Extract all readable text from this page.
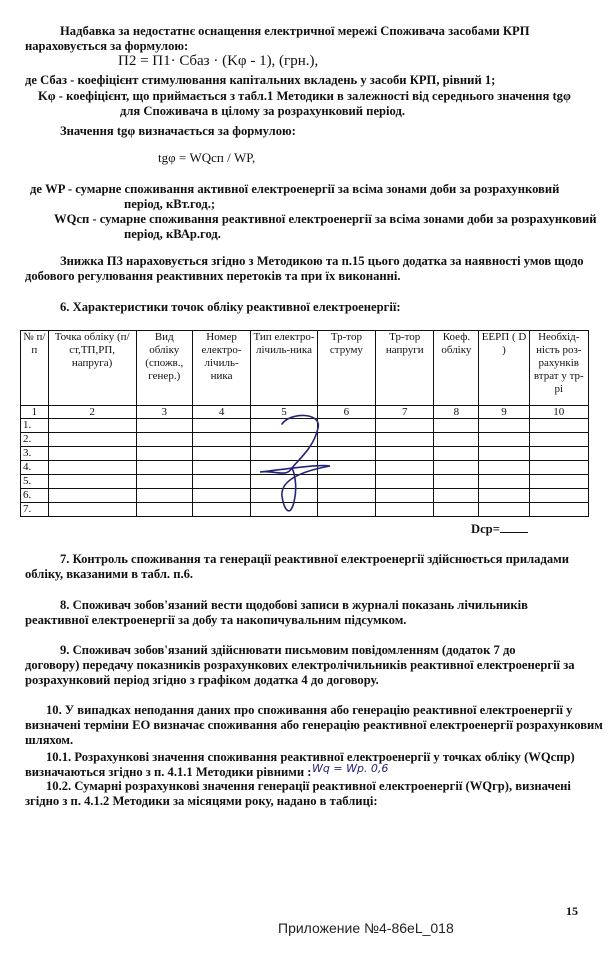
Надбавка за недостатнє оснащення електричної мережі Споживача засобами КРП
нараховується за формулою:
П2 = П1· Cбаз · (Kφ - 1), (грн.),
де Сбаз - коефіцієнт стимулювання капітальних вкладень у засоби КРП, рівний 1;
Kφ - коефіцієнт, що приймається з табл.1 Методики в залежності від середнього значення tgφ
для Споживача в цілому за розрахунковий період.
Значення tgφ визначається за формулою:
tgφ = WQсп / WP,
де WP - сумарне споживання активної електроенергії за всіма зонами доби за розрахунковий
період, кВт.год.;
WQсп - сумарне споживання реактивної електроенергії за всіма зонами доби за розрахунковий
період, кВАр.год.
Знижка П3 нараховується згідно з Методикою та п.15 цього додатка за наявності умов щодо
добового регулювання реактивних перетоків та при їх виконанні.
6. Характеристики точок обліку реактивної електроенергії:
№ п/п	Точка обліку (п/ст,ТП,РП, напруга)	Вид обліку (спожв., генер.)	Номер електро-лічиль-ника	Тип електро-лічиль-ника	Тр-тор струму	Тр-тор напруги	Коеф. обліку	ЕЕРП ( D )	Необхід-ність роз-рахунків втрат у тр-рі
1	2	3	4	5	6	7	8	9	10
1.									
2.									
3.									
4.									
5.									
6.									
7.									
Dср=
7. Контроль споживання та генерації реактивної електроенергії здійснюється приладами
обліку, вказаними в табл. п.6.
8. Споживач зобов'язаний вести щодобові записи в журналі показань лічильників
реактивної електроенергії за добу та накопичувальним підсумком.
9. Споживач зобов'язаний здійснювати письмовим повідомленням (додаток 7 до
договору) передачу показників розрахункових електролічильників реактивної електроенергії за
розрахунковий період згідно з графіком додатка 4 до договору.
10. У випадках неподання даних про споживання або генерацію реактивної електроенергії у
визначені терміни ЕО визначає споживання або генерацію реактивної електроенергії розрахунковим
шляхом.
10.1. Розрахункові значення споживання реактивної електроенергії у точках обліку (WQспр)
визначаються згідно з п. 4.1.1 Методики рівними : Wq = Wp. 0,6
10.2. Сумарні розрахункові значення генерації реактивної електроенергії (WQгр), визначені
згідно з п. 4.1.2 Методики за місяцями року, надано в таблиці:
15
Приложение №4-86eL_018
